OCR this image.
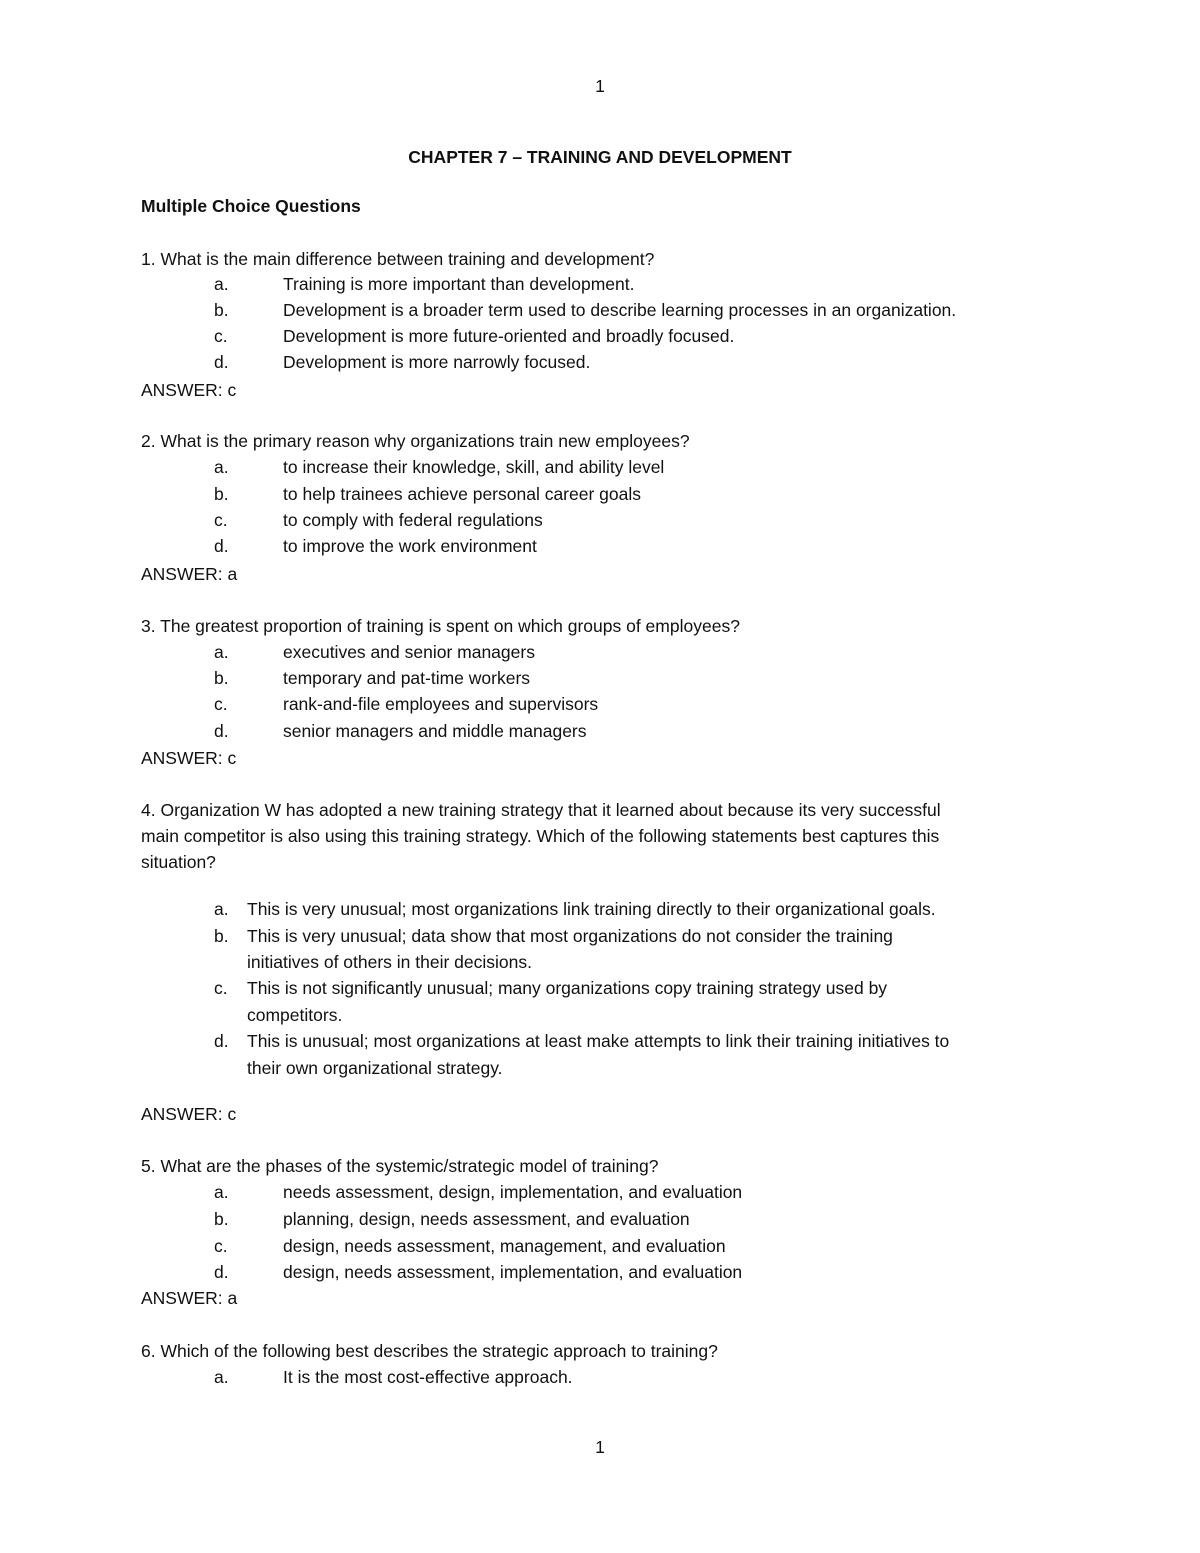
1
CHAPTER 7 – TRAINING AND DEVELOPMENT
Multiple Choice Questions
1. What is the main difference between training and development?
a.	Training is more important than development.
b.	Development is a broader term used to describe learning processes in an organization.
c.	Development is more future-oriented and broadly focused.
d.	Development is more narrowly focused.
ANSWER: c
2. What is the primary reason why organizations train new employees?
a.	to increase their knowledge, skill, and ability level
b.	to help trainees achieve personal career goals
c.	to comply with federal regulations
d.	to improve the work environment
ANSWER: a
3. The greatest proportion of training is spent on which groups of employees?
a.	executives and senior managers
b.	temporary and pat-time workers
c.	rank-and-file employees and supervisors
d.	senior managers and middle managers
ANSWER: c
4. Organization W has adopted a new training strategy that it learned about because its very successful
main competitor is also using this training strategy. Which of the following statements best captures this
situation?
a. This is very unusual; most organizations link training directly to their organizational goals.
b. This is very unusual; data show that most organizations do not consider the training
initiatives of others in their decisions.
c. This is not significantly unusual; many organizations copy training strategy used by
competitors.
d. This is unusual; most organizations at least make attempts to link their training initiatives to
their own organizational strategy.
ANSWER: c
5. What are the phases of the systemic/strategic model of training?
a.	needs assessment, design, implementation, and evaluation
b.	planning, design, needs assessment, and evaluation
c.	design, needs assessment, management, and evaluation
d.	design, needs assessment, implementation, and evaluation
ANSWER: a
6. Which of the following best describes the strategic approach to training?
a.	It is the most cost-effective approach.
1
